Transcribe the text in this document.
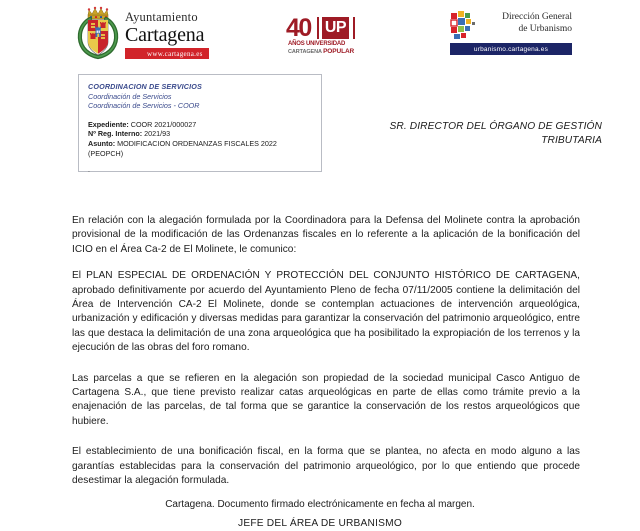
Ayuntamiento
Cartagena
www.cartagena.es
40 UP
AÑOS UNIVERSIDAD
CARTAGENA POPULAR
Dirección General
de Urbanismo
urbanismo.cartagena.es
COORDINACION DE SERVICIOS
Coordinación de Servicios
Coordinación de Servicios - COOR
Expediente: COOR 2021/000027
Nº Reg. Interno: 2021/93
Asunto: MODIFICACION ORDENANZAS FISCALES 2022
(PEOPCH)
.
SR. DIRECTOR DEL ÓRGANO DE GESTIÓN
TRIBUTARIA

En relación con la alegación formulada por la Coordinadora para la Defensa del Molinete contra la aprobación provisional de la modificación de las Ordenanzas fiscales en lo referente a la aplicación de la bonificación del ICIO en el Área Ca-2 de El Molinete, le comunico:

El PLAN ESPECIAL DE ORDENACIÓN Y PROTECCIÓN DEL CONJUNTO HISTÓRICO DE CARTAGENA, aprobado definitivamente por acuerdo del Ayuntamiento Pleno de fecha 07/11/2005 contiene la delimitación del Área de Intervención CA-2 El Molinete, donde se contemplan actuaciones de intervención arqueológica, urbanización y edificación y diversas medidas para garantizar la conservación del patrimonio arqueológico, entre las que destaca la delimitación de una zona arqueológica que ha posibilitado la expropiación de los terrenos y la ejecución de las obras del foro romano.

Las parcelas a que se refieren en la alegación son propiedad de la sociedad municipal Casco Antiguo de Cartagena S.A., que tiene previsto realizar catas arqueológicas en parte de ellas como trámite previo a la enajenación de las parcelas, de tal forma que se garantice la conservación de los restos arqueológicos que hubiere.

El establecimiento de una bonificación fiscal, en la forma que se plantea, no afecta en modo alguno a las garantías establecidas para la conservación del patrimonio arqueológico, por lo que entiendo que procede desestimar la alegación formulada.

Cartagena. Documento firmado electrónicamente en fecha al margen.
JEFE DEL ÁREA DE URBANISMO
